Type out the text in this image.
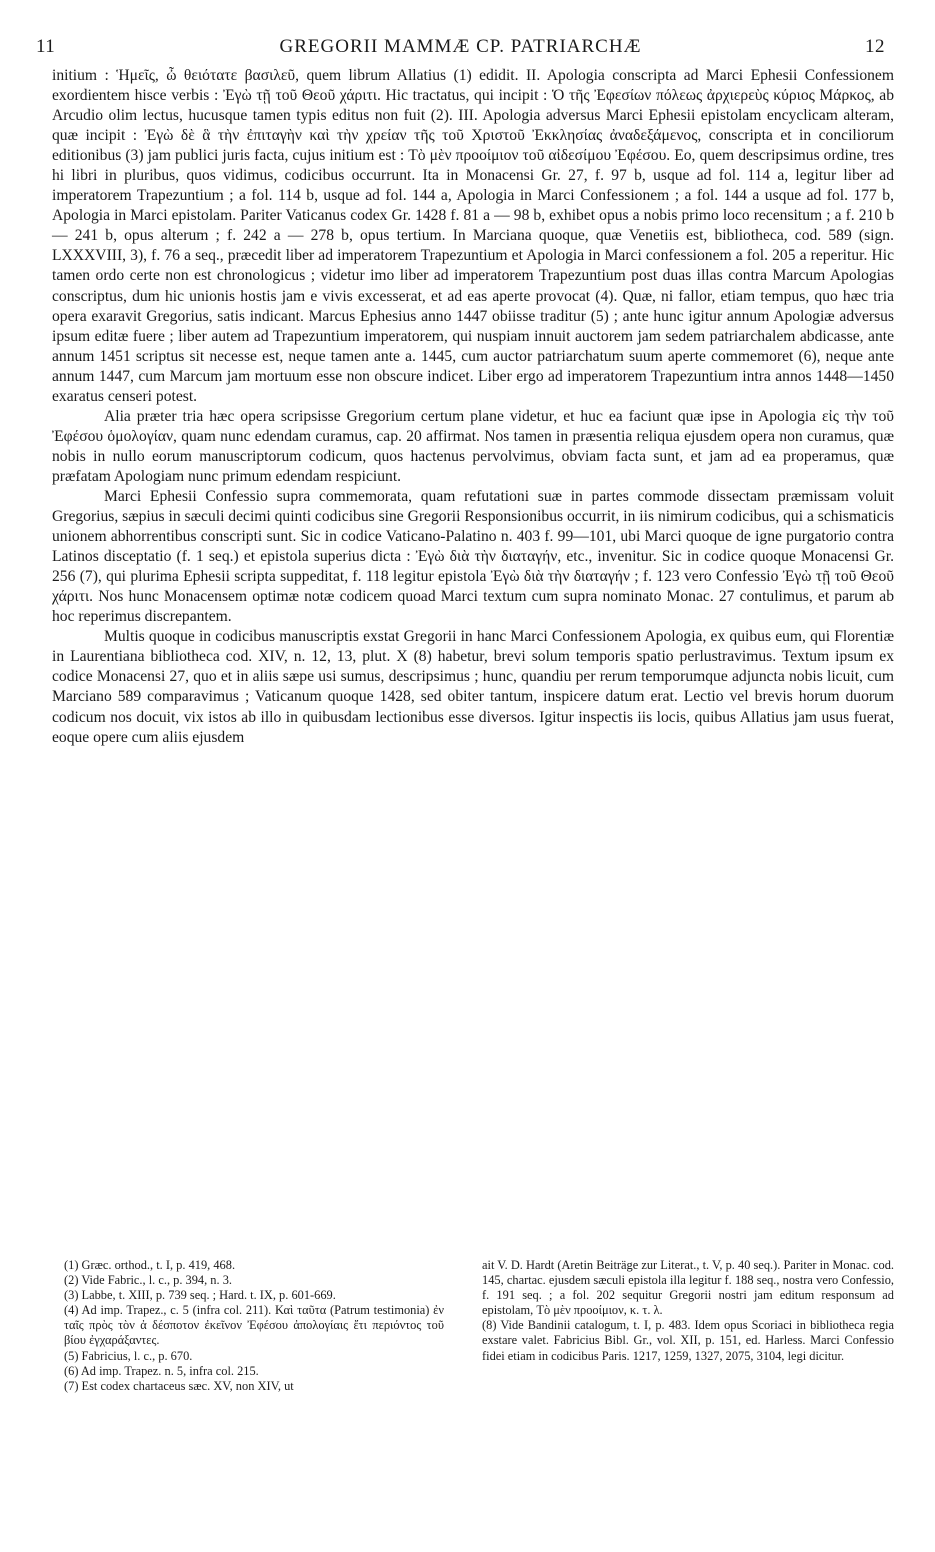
11	GREGORII MAMMÆ CP. PATRIARCHÆ	12

initium : Ἡμεῖς, ὦ θειότατε βασιλεῦ, quem librum Allatius (1) edidit. II. Apologia conscripta ad Marci Ephesii Confessionem exordientem hisce verbis : Ἐγὼ τῇ τοῦ Θεοῦ χάριτι. Hic tractatus, qui incipit : Ὁ τῆς Ἐφεσίων πόλεως ἀρχιερεὺς κύριος Μάρκος, ab Arcudio olim lectus, hucusque tamen typis editus non fuit (2). III. Apologia adversus Marci Ephesii epistolam encyclicam alteram, quæ incipit : Ἐγὼ δὲ ἃ τὴν ἐπιταγὴν καὶ τὴν χρείαν τῆς τοῦ Χριστοῦ Ἐκκλησίας ἀναδεξάμενος, conscripta et in conciliorum editionibus (3) jam publici juris facta, cujus initium est : Τὸ μὲν προοίμιον τοῦ αἰδεσίμου Ἐφέσου. Eo, quem descripsimus ordine, tres hi libri in pluribus, quos vidimus, codicibus occurrunt. Ita in Monacensi Gr. 27, f. 97 b, usque ad fol. 114 a, legitur liber ad imperatorem Trapezuntium ; a fol. 114 b, usque ad fol. 144 a, Apologia in Marci Confessionem ; a fol. 144 a usque ad fol. 177 b, Apologia in Marci epistolam. Pariter Vaticanus codex Gr. 1428 f. 81 a — 98 b, exhibet opus a nobis primo loco recensitum ; a f. 210 b — 241 b, opus alterum ; f. 242 a — 278 b, opus tertium. In Marciana quoque, quæ Venetiis est, bibliotheca, cod. 589 (sign. LXXXVIII, 3), f. 76 a seq., præcedit liber ad imperatorem Trapezuntium et Apologia in Marci confessionem a fol. 205 a reperitur. Hic tamen ordo certe non est chronologicus ; videtur imo liber ad imperatorem Trapezuntium post duas illas contra Marcum Apologias conscriptus, dum hic unionis hostis jam e vivis excesserat, et ad eas aperte provocat (4). Quæ, ni fallor, etiam tempus, quo hæc tria opera exaravit Gregorius, satis indicant. Marcus Ephesius anno 1447 obiisse traditur (5) ; ante hunc igitur annum Apologiæ adversus ipsum editæ fuere ; liber autem ad Trapezuntium imperatorem, qui nuspiam innuit auctorem jam sedem patriarchalem abdicasse, ante annum 1451 scriptus sit necesse est, neque tamen ante a. 1445, cum auctor patriarchatum suum aperte commemoret (6), neque ante annum 1447, cum Marcum jam mortuum esse non obscure indicet. Liber ergo ad imperatorem Trapezuntium intra annos 1448—1450 exaratus censeri potest.

Alia præter tria hæc opera scripsisse Gregorium certum plane videtur, et huc ea faciunt quæ ipse in Apologia εἰς τὴν τοῦ Ἐφέσου ὁμολογίαν, quam nunc edendam curamus, cap. 20 affirmat. Nos tamen in præsentia reliqua ejusdem opera non curamus, quæ nobis in nullo eorum manuscriptorum codicum, quos hactenus pervolvimus, obviam facta sunt, et jam ad ea properamus, quæ præfatam Apologiam nunc primum edendam respiciunt.

Marci Ephesii Confessio supra commemorata, quam refutationi suæ in partes commode dissectam præmissam voluit Gregorius, sæpius in sæculi decimi quinti codicibus sine Gregorii Responsionibus occurrit, in iis nimirum codicibus, qui a schismaticis unionem abhorrentibus conscripti sunt. Sic in codice Vaticano-Palatino n. 403 f. 99—101, ubi Marci quoque de igne purgatorio contra Latinos disceptatio (f. 1 seq.) et epistola superius dicta : Ἐγὼ διὰ τὴν διαταγήν, etc., invenitur. Sic in codice quoque Monacensi Gr. 256 (7), qui plurima Ephesii scripta suppeditat, f. 118 legitur epistola Ἐγὼ διὰ τὴν διαταγήν ; f. 123 vero Confessio Ἐγὼ τῇ τοῦ Θεοῦ χάριτι. Nos hunc Monacensem optimæ notæ codicem quoad Marci textum cum supra nominato Monac. 27 contulimus, et parum ab hoc reperimus discrepantem.

Multis quoque in codicibus manuscriptis exstat Gregorii in hanc Marci Confessionem Apologia, ex quibus eum, qui Florentiæ in Laurentiana bibliotheca cod. XIV, n. 12, 13, plut. X (8) habetur, brevi solum temporis spatio perlustravimus. Textum ipsum ex codice Monacensi 27, quo et in aliis sæpe usi sumus, descripsimus ; hunc, quandiu per rerum temporumque adjuncta nobis licuit, cum Marciano 589 comparavimus ; Vaticanum quoque 1428, sed obiter tantum, inspicere datum erat. Lectio vel brevis horum duorum codicum nos docuit, vix istos ab illo in quibusdam lectionibus esse diversos. Igitur inspectis iis locis, quibus Allatius jam usus fuerat, eoque opere cum aliis ejusdem

(1) Græc. orthod., t. I, p. 419, 468.

(2) Vide Fabric., l. c., p. 394, n. 3.

(3) Labbe, t. XIII, p. 739 seq. ; Hard. t. IX, p. 601-669.

(4) Ad imp. Trapez., c. 5 (infra col. 211). Καὶ ταῦτα (Patrum testimonia) ἐν ταῖς πρὸς τὸν ἀ δέσποτον ἐκεῖνον Ἐφέσου ἀπολογίαις ἔτι περιόντος τοῦ βίου ἐγχαράξαντες.

(5) Fabricius, l. c., p. 670.

(6) Ad imp. Trapez. n. 5, infra col. 215.

(7) Est codex chartaceus sæc. XV, non XIV, ut

ait V. D. Hardt (Aretin Beiträge zur Literat., t. V, p. 40 seq.). Pariter in Monac. cod. 145, chartac. ejusdem sæculi epistola illa legitur f. 188 seq., nostra vero Confessio, f. 191 seq. ; a fol. 202 sequitur Gregorii nostri jam editum responsum ad epistolam, Τὸ μὲν προοίμιον, κ. τ. λ.

(8) Vide Bandinii catalogum, t. I, p. 483. Idem opus Scoriaci in bibliotheca regia exstare valet. Fabricius Bibl. Gr., vol. XII, p. 151, ed. Harless. Marci Confessio fidei etiam in codicibus Paris. 1217, 1259, 1327, 2075, 3104, legi dicitur.
